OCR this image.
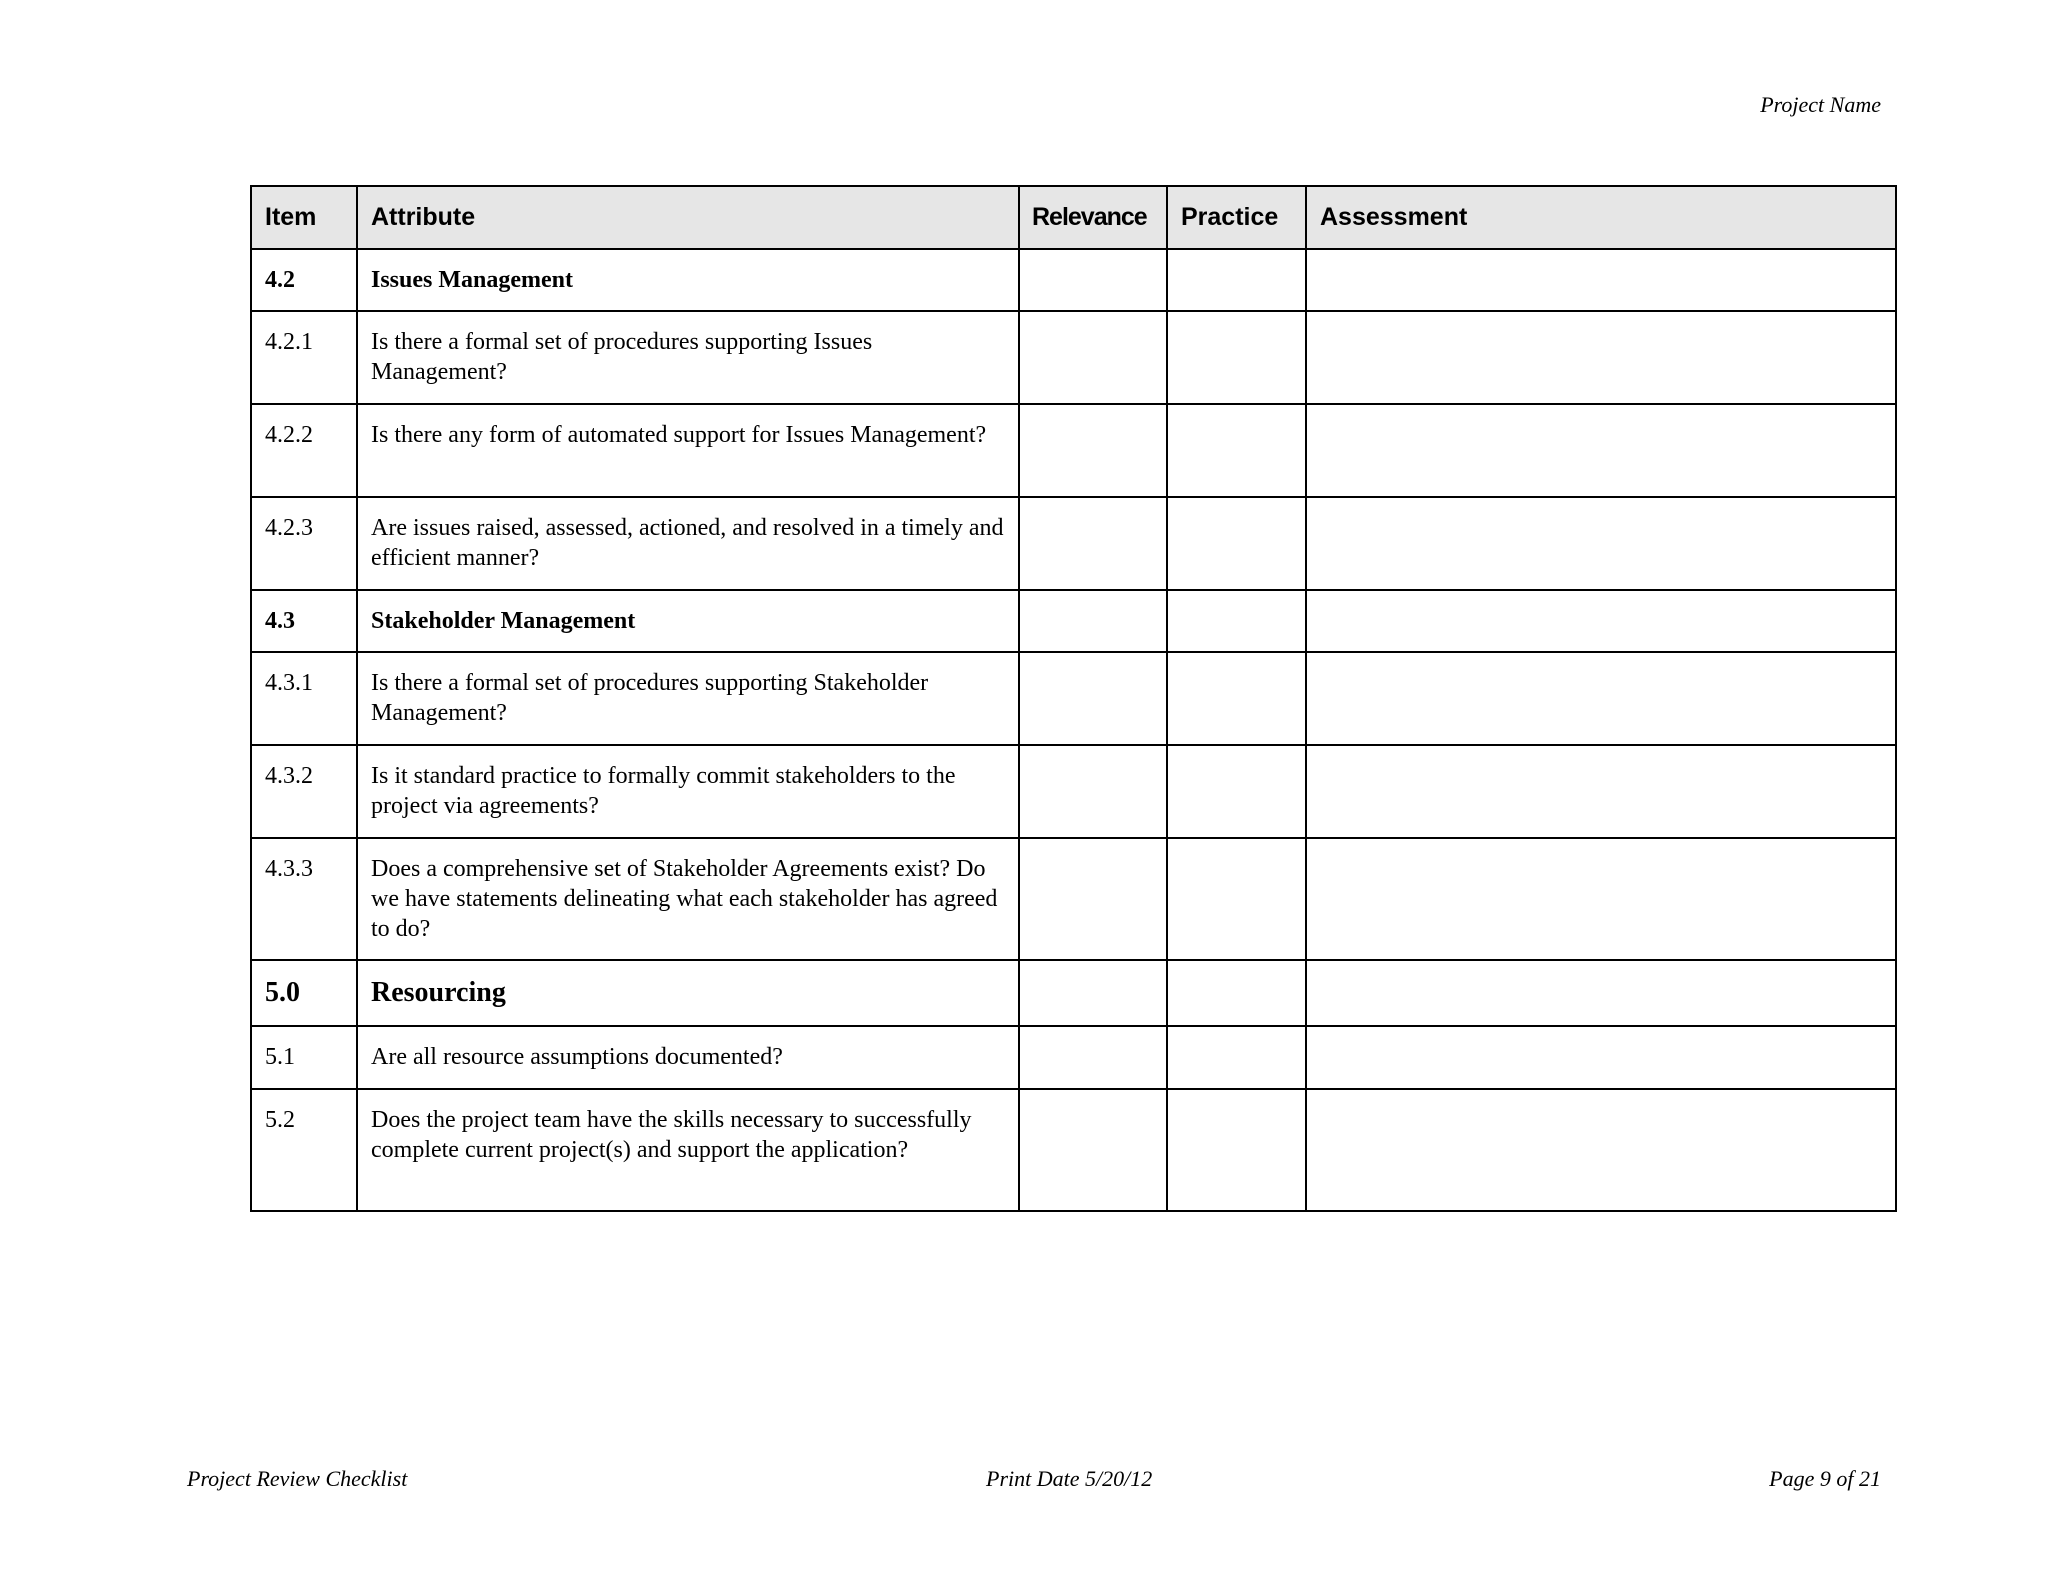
Project Name
Item	Attribute	Relevance	Practice	Assessment
4.2	Issues Management			
4.2.1	Is there a formal set of procedures supporting Issues Management?			
4.2.2	Is there any form of automated support for Issues Management?			
4.2.3	Are issues raised, assessed, actioned, and resolved in a timely and efficient manner?			
4.3	Stakeholder Management			
4.3.1	Is there a formal set of procedures supporting Stakeholder Management?			
4.3.2	Is it standard practice to formally commit stakeholders to the project via agreements?			
4.3.3	Does a comprehensive set of Stakeholder Agreements exist? Do we have statements delineating what each stakeholder has agreed to do?			
5.0	Resourcing			
5.1	Are all resource assumptions documented?			
5.2	Does the project team have the skills necessary to successfully complete current project(s) and support the application?			
Project Review Checklist	Print Date 5/20/12	Page 9 of 21
